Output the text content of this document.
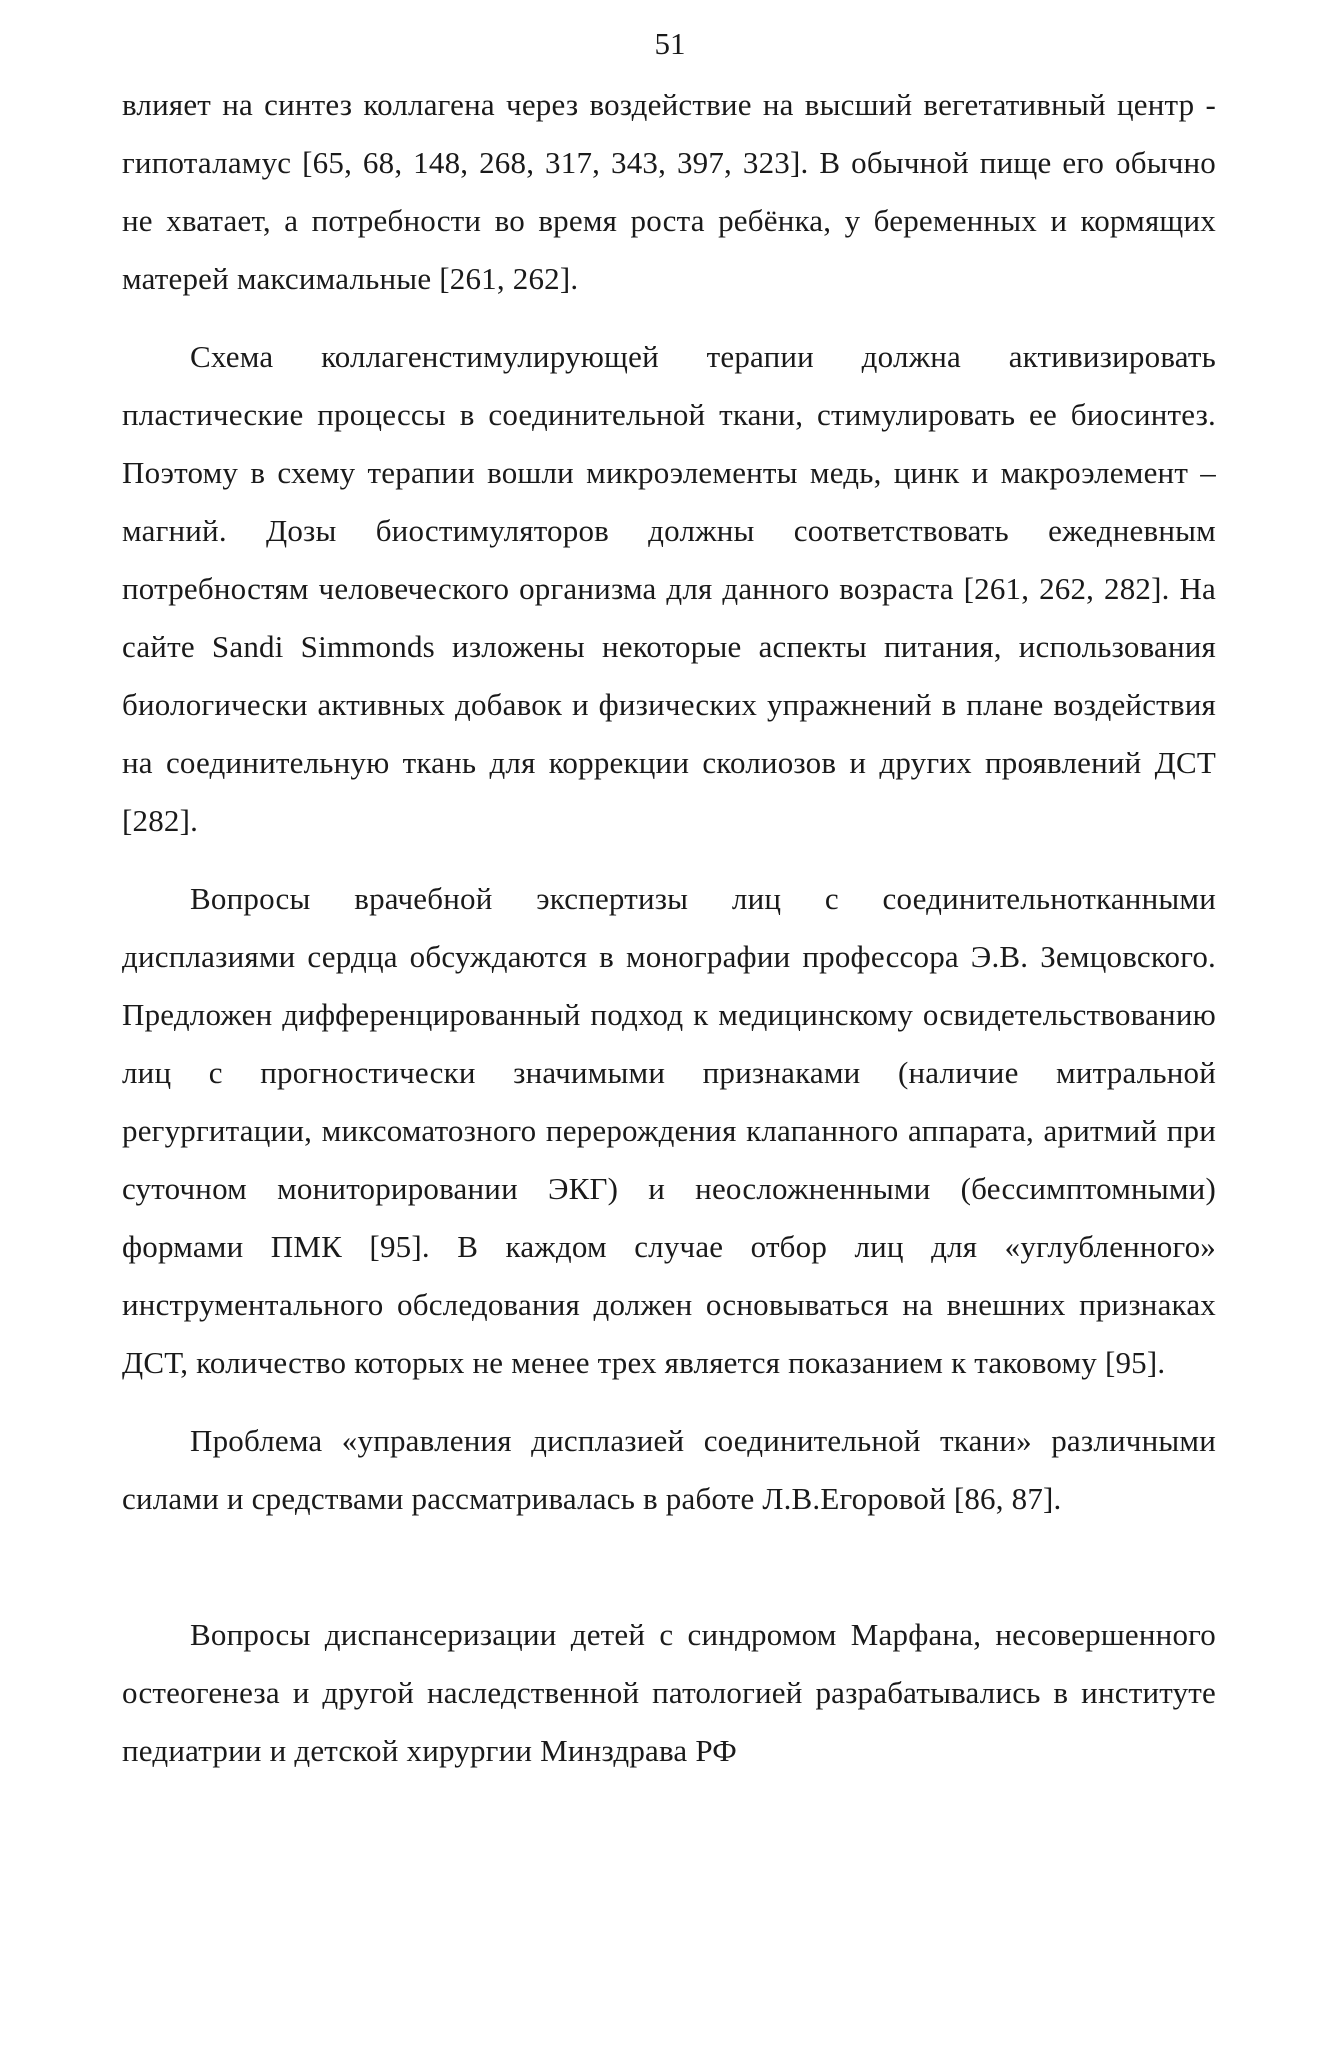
51

влияет на синтез коллагена через воздействие на высший вегетативный центр - гипоталамус [65, 68, 148, 268, 317, 343, 397, 323]. В обычной пище его обычно не хватает, а потребности во время роста ребёнка, у беременных и кормящих матерей максимальные [261, 262].

Схема коллагенстимулирующей терапии должна активизировать пластические процессы в соединительной ткани, стимулировать ее биосинтез. Поэтому в схему терапии вошли микроэлементы медь, цинк и макроэлемент – магний. Дозы биостимуляторов должны соответствовать ежедневным потребностям человеческого организма для данного возраста [261, 262, 282]. На сайте Sandi Simmonds изложены некоторые аспекты питания, использования биологически активных добавок и физических упражнений в плане воздействия на соединительную ткань для коррекции сколиозов и других проявлений ДСТ [282].

Вопросы врачебной экспертизы лиц с соединительнотканными дисплазиями сердца обсуждаются в монографии профессора Э.В. Земцовского. Предложен дифференцированный подход к медицинскому освидетельствованию лиц с прогностически значимыми признаками (наличие митральной регургитации, миксоматозного перерождения клапанного аппарата, аритмий при суточном мониторировании ЭКГ) и неосложненными (бессимптомными) формами ПМК [95]. В каждом случае отбор лиц для «углубленного» инструментального обследования должен основываться на внешних признаках ДСТ, количество которых не менее трех является показанием к таковому [95].

Проблема «управления дисплазией соединительной ткани» различными силами и средствами рассматривалась в работе Л.В.Егоровой [86, 87].

Вопросы диспансеризации детей с синдромом Марфана, несовершенного остеогенеза и другой наследственной патологией разрабатывались в институте педиатрии и детской хирургии Минздрава РФ
